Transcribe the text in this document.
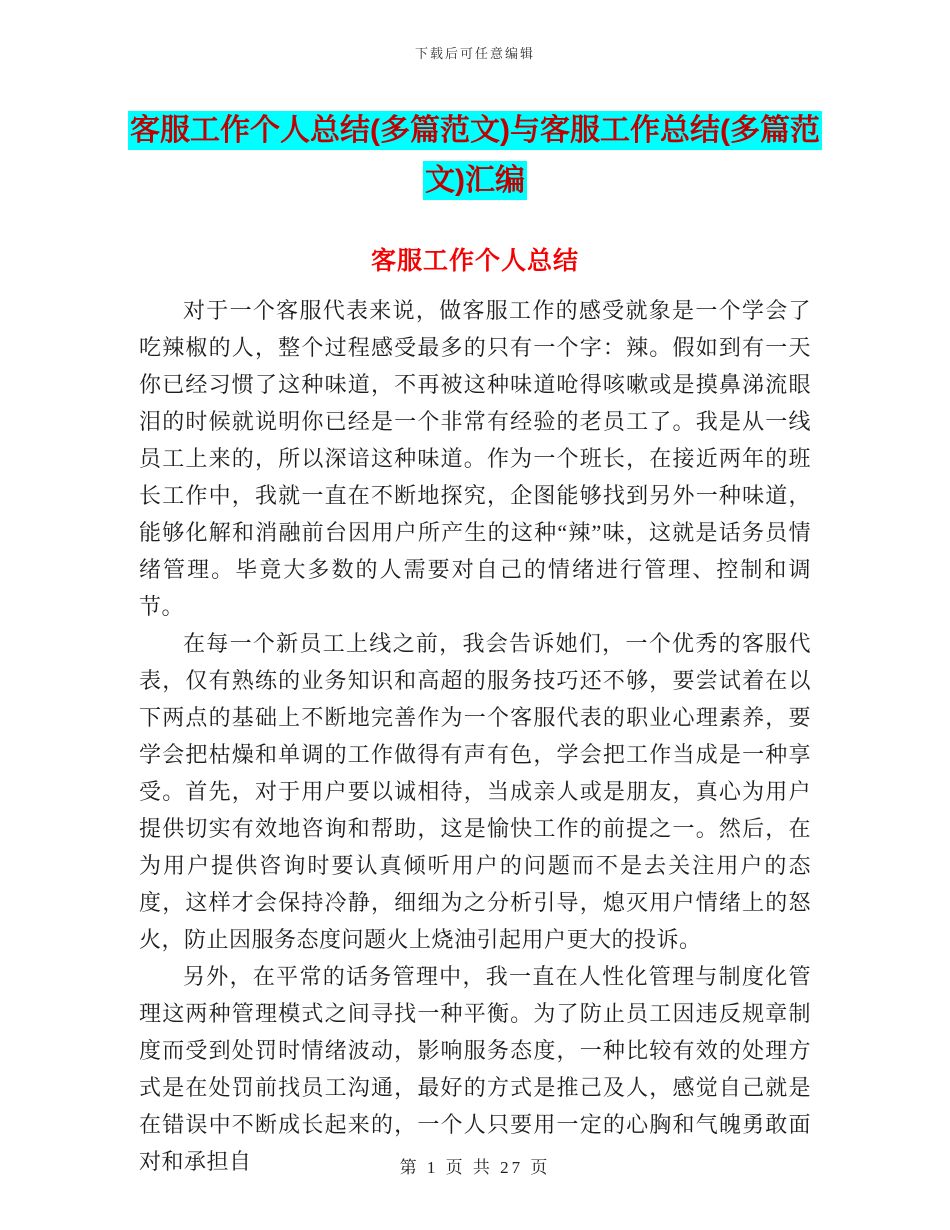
下载后可任意编辑
客服工作个人总结(多篇范文)与客服工作总结(多篇范
文)汇编
客服工作个人总结

对于一个客服代表来说，做客服工作的感受就象是一个学会了吃辣椒的人，整个过程感受最多的只有一个字：辣。假如到有一天你已经习惯了这种味道，不再被这种味道呛得咳嗽或是摸鼻涕流眼泪的时候就说明你已经是一个非常有经验的老员工了。我是从一线员工上来的，所以深谙这种味道。作为一个班长，在接近两年的班长工作中，我就一直在不断地探究，企图能够找到另外一种味道，能够化解和消融前台因用户所产生的这种“辣”味，这就是话务员情绪管理。毕竟大多数的人需要对自己的情绪进行管理、控制和调节。

在每一个新员工上线之前，我会告诉她们，一个优秀的客服代表，仅有熟练的业务知识和高超的服务技巧还不够，要尝试着在以下两点的基础上不断地完善作为一个客服代表的职业心理素养，要学会把枯燥和单调的工作做得有声有色，学会把工作当成是一种享受。首先，对于用户要以诚相待，当成亲人或是朋友，真心为用户提供切实有效地咨询和帮助，这是愉快工作的前提之一。然后，在为用户提供咨询时要认真倾听用户的问题而不是去关注用户的态度，这样才会保持冷静，细细为之分析引导，熄灭用户情绪上的怒火，防止因服务态度问题火上烧油引起用户更大的投诉。

另外，在平常的话务管理中，我一直在人性化管理与制度化管理这两种管理模式之间寻找一种平衡。为了防止员工因违反规章制度而受到处罚时情绪波动，影响服务态度，一种比较有效的处理方式是在处罚前找员工沟通，最好的方式是推己及人，感觉自己就是在错误中不断成长起来的，一个人只要用一定的心胸和气魄勇敢面对和承担自	第 1 页 共 27 页
